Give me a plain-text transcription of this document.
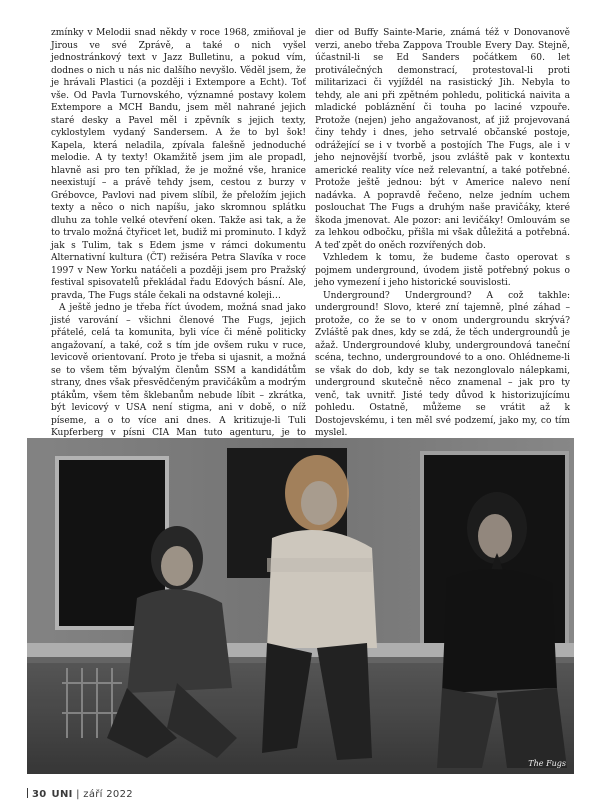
zmínky v Melodii snad někdy v roce 1968, zmiňoval je Jirous ve své Zprávě, a také o nich vyšel jednostránkový text v Jazz Bulletinu, a pokud vím, dodnes o nich u nás nic dalšího nevyšlo. Věděl jsem, že je hrávali Plastici (a později i Extempore a Echt). Toť vše. Od Pavla Turnovského, významné postavy kolem Extempore a MCH Bandu, jsem měl nahrané jejich staré desky a Pavel měl i zpěvník s jejich texty, cyklostylem vydaný Sandersem. A že to byl šok! Kapela, která neladila, zpívala falešně jednoduché melodie. A ty texty! Okamžitě jsem jim ale propadl, hlavně asi pro ten příklad, že je možné vše, hranice neexistují – a právě tehdy jsem, cestou z burzy v Grébovce, Pavlovi nad pivem slíbil, že přeložím jejich texty a něco o nich napíšu, jako skromnou splátku dluhu za tohle velké otevření oken. Takže asi tak, a že to trvalo možná čtyřicet let, budiž mi prominuto. I když jak s Tulim, tak s Edem jsme v rámci dokumentu Alternativní kultura (ČT) režiséra Petra Slavíka v roce 1997 v New Yorku natáčeli a později jsem pro Pražský festival spisovatelů překládal řadu Edových básní. Ale, pravda, The Fugs stále čekali na odstavné koleji…

A ještě jedno je třeba říct úvodem, možná snad jako jisté varování – všichni členové The Fugs, jejich přátelé, celá ta komunita, byli více či méně politicky angažovaní, a také, což s tím jde ovšem ruku v ruce, levicově orientovaní. Proto je třeba si ujasnit, a možná se to všem těm bývalým členům SSM a kandidátům strany, dnes však přesvědčeným pravičákům a modrým ptákům, všem těm šklebanům nebude líbit – zkrátka, být levicový v USA není stigma, ani v době, o níž píseme, a o to více ani dnes. A kritizuje-li Tuli Kupferberg v písni CIA Man tuto agenturu, je to

dier od Buffy Sainte-Marie, známá též v Donovanově verzi, anebo třeba Zappova Trouble Every Day. Stejně, účastnil-li se Ed Sanders počátkem 60. let protiválečných demonstrací, protestoval-li proti militarizaci či vyjíždél na rasistický Jih. Nebyla to tehdy, ale ani při zpětném pohledu, politická naivita a mladické pobláznění či touha po laciné vzpouře. Protože (nejen) jeho angažovanost, ať již projevovaná činy tehdy i dnes, jeho setrvalé občanské postoje, odrážející se i v tvorbě a postojích The Fugs, ale i v jeho nejnovější tvorbě, jsou zvláště pak v kontextu americké reality více než relevantní, a také potřebné. Protože ještě jednou: být v Americe nalevo není nadávka. A popravdě řečeno, nelze jedním uchem poslouchat The Fugs a druhým naše pravičáky, které škoda jmenovat. Ale pozor: ani levičáky! Omlouvám se za lehkou odbočku, přišla mi však důležitá a potřebná. A teď zpět do oněch rozvířených dob.

Vzhledem k tomu, že budeme často operovat s pojmem underground, úvodem jistě potřebný pokus o jeho vymezení i jeho historické souvislosti.

Underground? Underground? A což takhle: underground! Slovo, které zní tajemně, plné záhad – protože, co že se to v onom undergroundu skrývá? Zvláště pak dnes, kdy se zdá, že těch undergroundů je ažaž. Undergroundové kluby, undergroundová taneční scéna, techno, undergroundové to a ono. Ohlédneme-li se však do dob, kdy se tak nezonglovalo nálepkami, underground skutečně něco znamenal – jak pro ty venč, tak uvnitř. Jisté tedy důvod k historizujícímu pohledu. Ostatně, můžeme se vrátit až k Dostojevskému, i ten měl své podzemí, jako my, co tím myslel.

The Fugs
30 UNI | září 2022
